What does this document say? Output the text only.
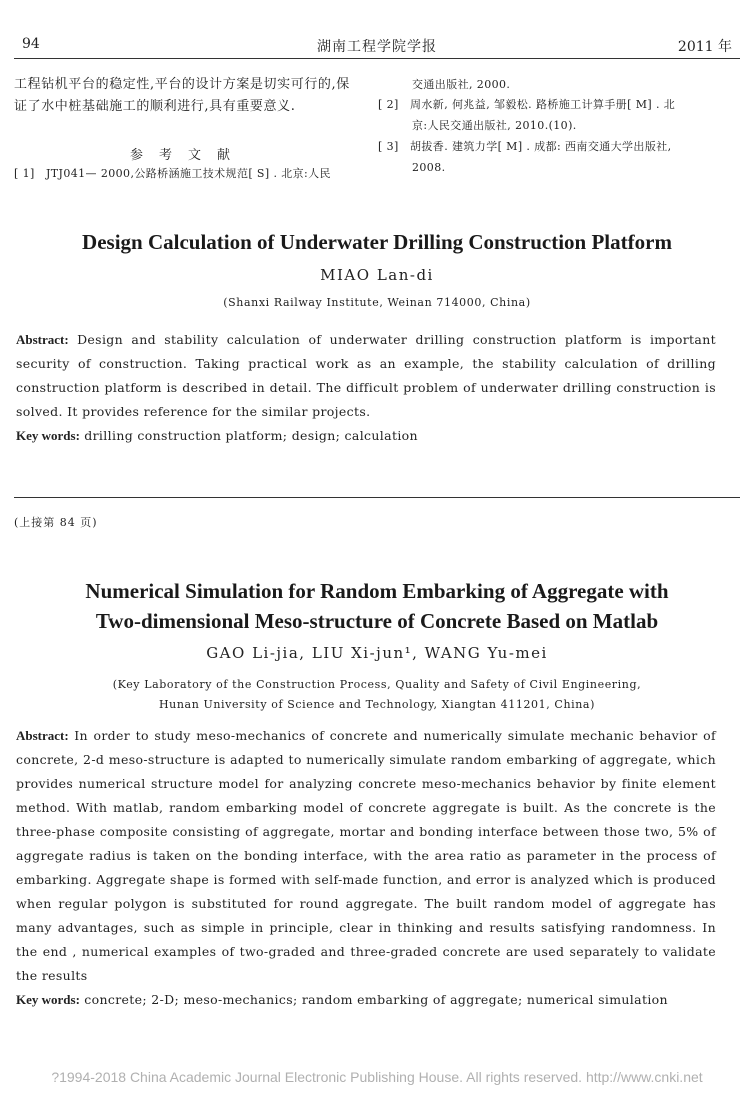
94	湖南工程学院学报	2011 年
工程钻机平台的稳定性,平台的设计方案是切实可行的,保证了水中桩基础施工的顺利进行,具有重要意义.
参考文献
[ 1] JTJ041— 2000,公路桥涵施工技术规范[ S] . 北京:人民
交通出版社, 2000.
[ 2] 周水新, 何兆益, 邹毅松. 路桥施工计算手册[ M] . 北
京:人民交通出版社, 2010.(10).
[ 3] 胡拔香. 建筑力学[ M] . 成都: 西南交通大学出版社,
2008.
Design Calculation of Underwater Drilling Construction Platform
MIAO Lan-di
(Shanxi Railway Institute, Weinan 714000, China)
Abstract: Design and stability calculation of underwater drilling construction platform is important security of construction. Taking practical work as an example, the stability calculation of drilling construction platform is described in detail. The difficult problem of underwater drilling construction is solved. It provides reference for the similar projects.
Key words: drilling construction platform; design; calculation
(上接第 84 页)
Numerical Simulation for Random Embarking of Aggregate with
Two-dimensional Meso-structure of Concrete Based on Matlab
GAO Li-jia, LIU Xi-jun¹, WANG Yu-mei
(Key Laboratory of the Construction Process, Quality and Safety of Civil Engineering,
Hunan University of Science and Technology, Xiangtan 411201, China)
Abstract: In order to study meso-mechanics of concrete and numerically simulate mechanic behavior of concrete, 2-d meso-structure is adapted to numerically simulate random embarking of aggregate, which provides numerical structure model for analyzing concrete meso-mechanics behavior by finite element method. With matlab, random embarking model of concrete aggregate is built. As the concrete is the three-phase composite consisting of aggregate, mortar and bonding interface between those two, 5% of aggregate radius is taken on the bonding interface, with the area ratio as parameter in the process of embarking. Aggregate shape is formed with self-made function, and error is analyzed which is produced when regular polygon is substituted for round aggregate. The built random model of aggregate has many advantages, such as simple in principle, clear in thinking and results satisfying randomness. In the end , numerical examples of two-graded and three-graded concrete are used separately to validate the results
Key words: concrete; 2-D; meso-mechanics; random embarking of aggregate; numerical simulation
?1994-2018 China Academic Journal Electronic Publishing House. All rights reserved. http://www.cnki.net
